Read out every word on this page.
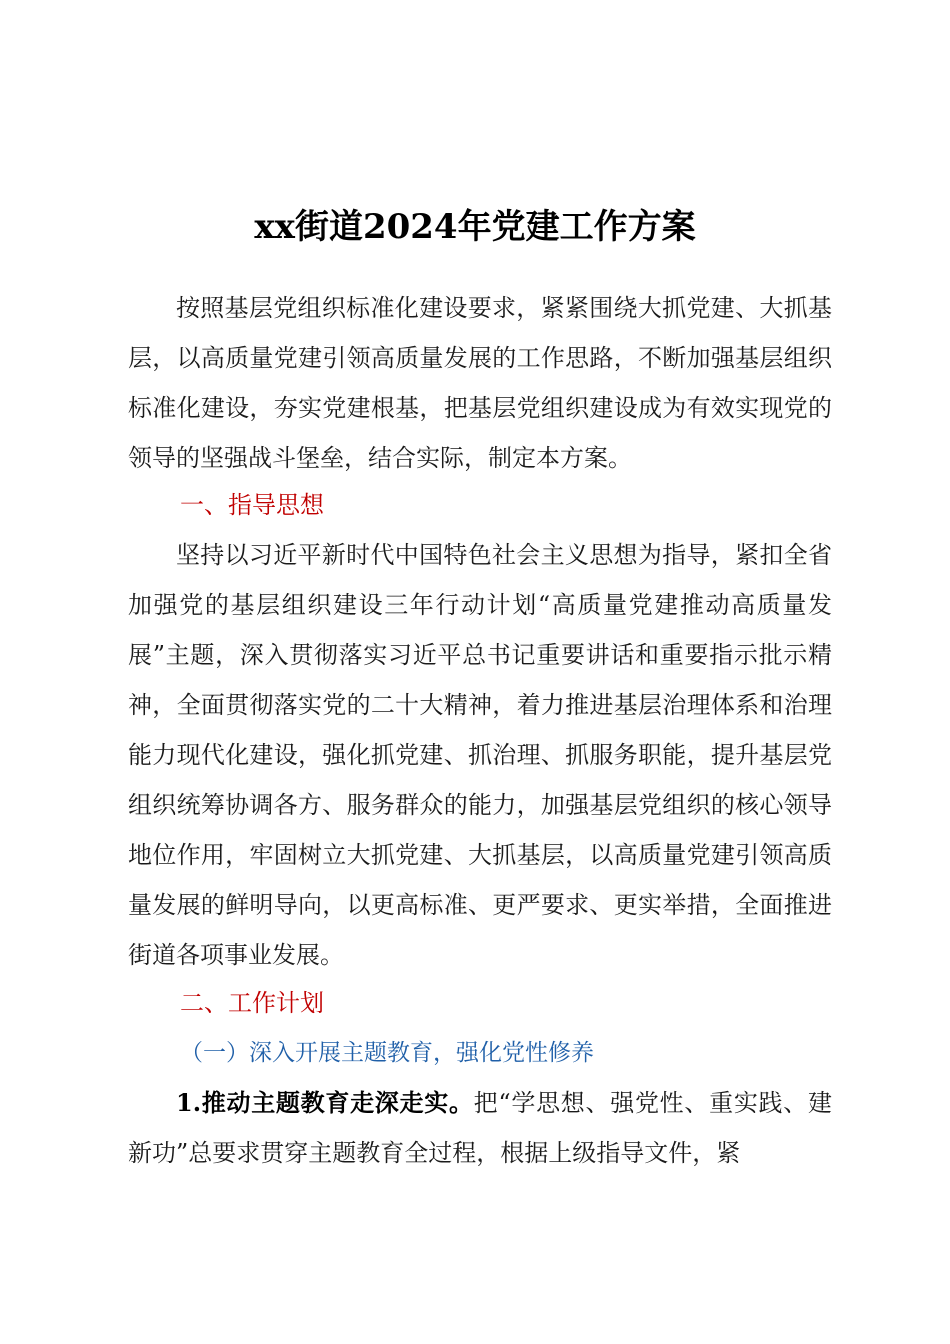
xx街道2024年党建工作方案

按照基层党组织标准化建设要求，紧紧围绕大抓党建、大抓基层，以高质量党建引领高质量发展的工作思路，不断加强基层组织标准化建设，夯实党建根基，把基层党组织建设成为有效实现党的领导的坚强战斗堡垒，结合实际，制定本方案。

一、指导思想

坚持以习近平新时代中国特色社会主义思想为指导，紧扣全省加强党的基层组织建设三年行动计划“高质量党建推动高质量发展”主题，深入贯彻落实习近平总书记重要讲话和重要指示批示精神，全面贯彻落实党的二十大精神，着力推进基层治理体系和治理能力现代化建设，强化抓党建、抓治理、抓服务职能，提升基层党组织统筹协调各方、服务群众的能力，加强基层党组织的核心领导地位作用，牢固树立大抓党建、大抓基层，以高质量党建引领高质量发展的鲜明导向，以更高标准、更严要求、更实举措，全面推进街道各项事业发展。

二、工作计划

（一）深入开展主题教育，强化党性修养

1.推动主题教育走深走实。把“学思想、强党性、重实践、建新功”总要求贯穿主题教育全过程，根据上级指导文件，紧
